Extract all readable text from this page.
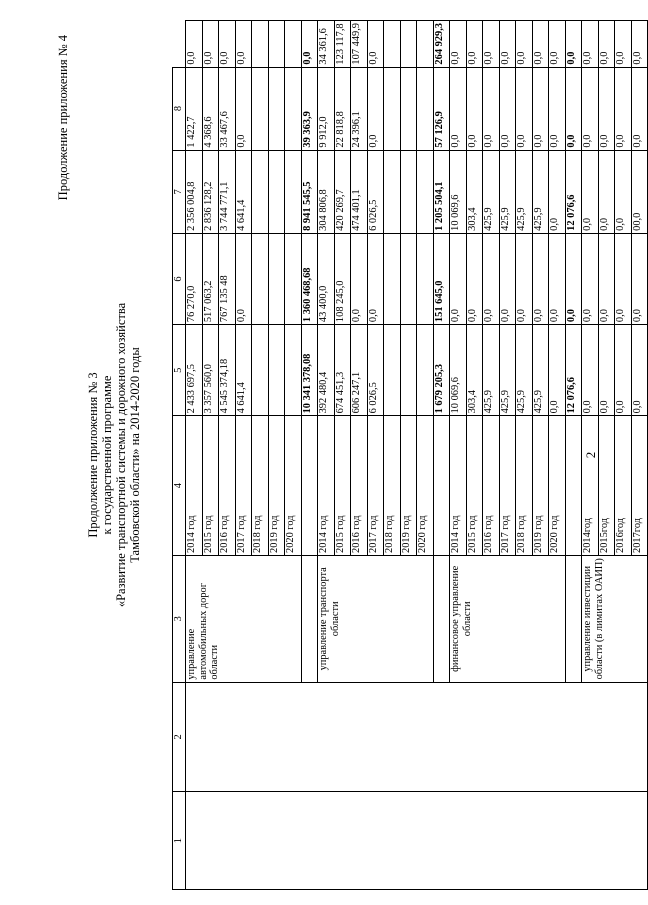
Продолжение приложения № 4
Продолжение приложения № 3 к государственной программе «Развитие транспортной системы и дорожного хозяйства Тамбовской области» на 2014-2020 годы
1	2	3	4	5	6	7	8	
		управление автомобильных дорог области	2014 год	2 433 697,5	76 270,0	2 356 004,8	1 422,7	0,0
			2015 год	3 357 560,0	517 063,2	2 836 128,2	4 368,6	0,0
			2016 год	4 545 374,18	767 135 48	3 744 771,1	33 467,6	0,0
			2017 год	4 641,4	0,0	4 641,4	0,0	0,0
			2018 год					
			2019 год					
			2020 год					
				10 341 378,08	1 360 468,68	8 941 545,5	39 363,9	0,0
		управление транспорта области	2014 год	392 480,4	43 400,0	304 806,8	9 912,0	34 361,6
			2015 год	674 451,3	108 245,0	420 269,7	22 818,8	123 117,8
			2016 год	606 247,1	0,0	474 401,1	24 396,1	107 449,9
			2017 год	6 026,5	0,0	6 026,5	0,0	0,0
			2018 год					
			2019 год					
			2020 год					
				1 679 205,3	151 645,0	1 205 504,1	57 126,9	264 929,3
		финансовое управление области	2014 год	10 069,6	0,0	10 069,6	0,0	0,0
			2015 год	303,4	0,0	303,4	0,0	0,0
			2016 год	425,9	0,0	425,9	0,0	0,0
			2017 год	425,9	0,0	425,9	0,0	0,0
			2018 год	425,9	0,0	425,9	0,0	0,0
			2019 год	425,9	0,0	425,9	0,0	0,0
			2020 год	0,0	0,0	0,0	0,0	0,0
				12 076,6	0,0	12 076,6	0,0	0,0
		управление инвестиции области (в лимитах ОАИП)	2014год	0,0	0,0	0,0	0,0	0,0
			2015год	0,0	0,0	0,0	0,0	0,0
			2016год	0,0	0,0	0,0	0,0	0,0
			2017год	0,0	0,0	00,0	0,0	0,0
2
